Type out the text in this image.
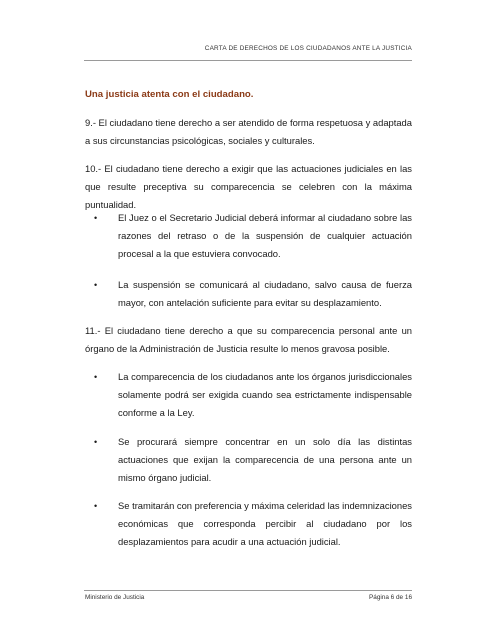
CARTA DE DERECHOS DE LOS CIUDADANOS ANTE LA JUSTICIA
Una justicia atenta con el ciudadano.
9.- El ciudadano tiene derecho a ser atendido de forma respetuosa y adaptada a sus circunstancias psicológicas, sociales y culturales.
10.- El ciudadano tiene derecho a exigir que las actuaciones judiciales en las que resulte preceptiva su comparecencia se celebren con la máxima puntualidad.
• El Juez o el Secretario Judicial deberá informar al ciudadano sobre las razones del retraso o de la suspensión de cualquier actuación procesal a la que estuviera convocado.
• La suspensión se comunicará al ciudadano, salvo causa de fuerza mayor, con antelación suficiente para evitar su desplazamiento.
11.- El ciudadano tiene derecho a que su comparecencia personal ante un órgano de la Administración de Justicia resulte lo menos gravosa posible.
• La comparecencia de los ciudadanos ante los órganos jurisdiccionales solamente podrá ser exigida cuando sea estrictamente indispensable conforme a la Ley.
• Se procurará siempre concentrar en un solo día las distintas actuaciones que exijan la comparecencia de una persona ante un mismo órgano judicial.
• Se tramitarán con preferencia y máxima celeridad las indemnizaciones económicas que corresponda percibir al ciudadano por los desplazamientos para acudir a una actuación judicial.
Ministerio de Justicia	Página 6 de 16
